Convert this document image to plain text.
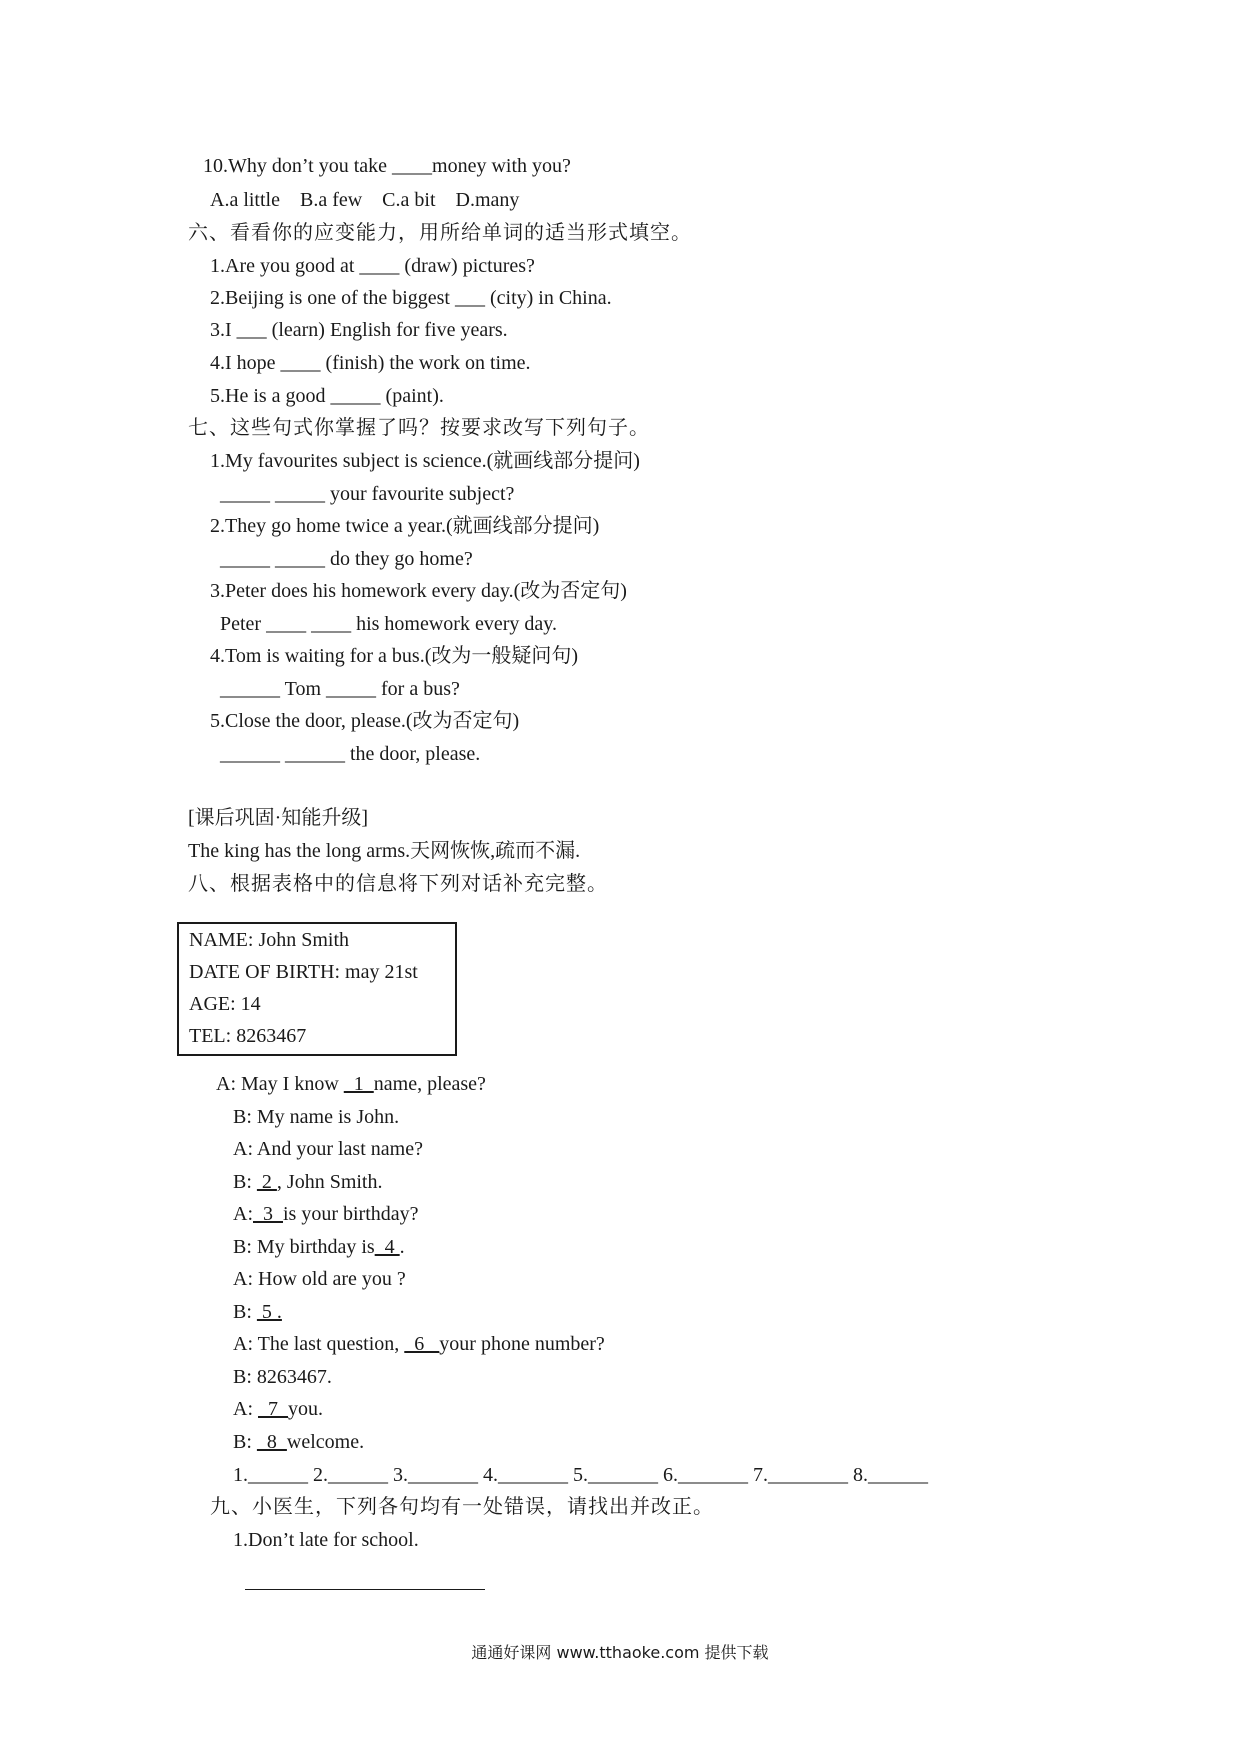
10.Why don’t you take ____money with you?
A.a little    B.a few    C.a bit    D.many
六、看看你的应变能力，用所给单词的适当形式填空。
1.Are you good at ____ (draw) pictures?
2.Beijing is one of the biggest ___ (city) in China.
3.I ___ (learn) English for five years.
4.I hope ____ (finish) the work on time.
5.He is a good _____ (paint).
七、这些句式你掌握了吗？按要求改写下列句子。
1.My favourites subject is science.(就画线部分提问)
_____ _____ your favourite subject?
2.They go home twice a year.(就画线部分提问)
_____ _____ do they go home?
3.Peter does his homework every day.(改为否定句)
Peter ____ ____ his homework every day.
4.Tom is waiting for a bus.(改为一般疑问句)
______ Tom _____ for a bus?
5.Close the door, please.(改为否定句)
______ ______ the door, please.
[课后巩固·知能升级]
The king has the long arms.天网恢恢,疏而不漏.
八、根据表格中的信息将下列对话补充完整。
NAME: John Smith
DATE OF BIRTH: may 21st
AGE: 14
TEL: 8263467
A: May I know   1  name, please?
B: My name is John.
A: And your last name?
B:  2 , John Smith.
A:  3  is your birthday?
B: My birthday is  4 .
A: How old are you ?
B:  5 .
A: The last question,   6   your phone number?
B: 8263467.
A:   7  you.
B:   8  welcome.
1.______ 2.______ 3._______ 4._______ 5._______ 6._______ 7.________ 8.______
九、小医生，下列各句均有一处错误，请找出并改正。
1.Don’t late for school.
通通好课网 www.tthaoke.com 提供下载
